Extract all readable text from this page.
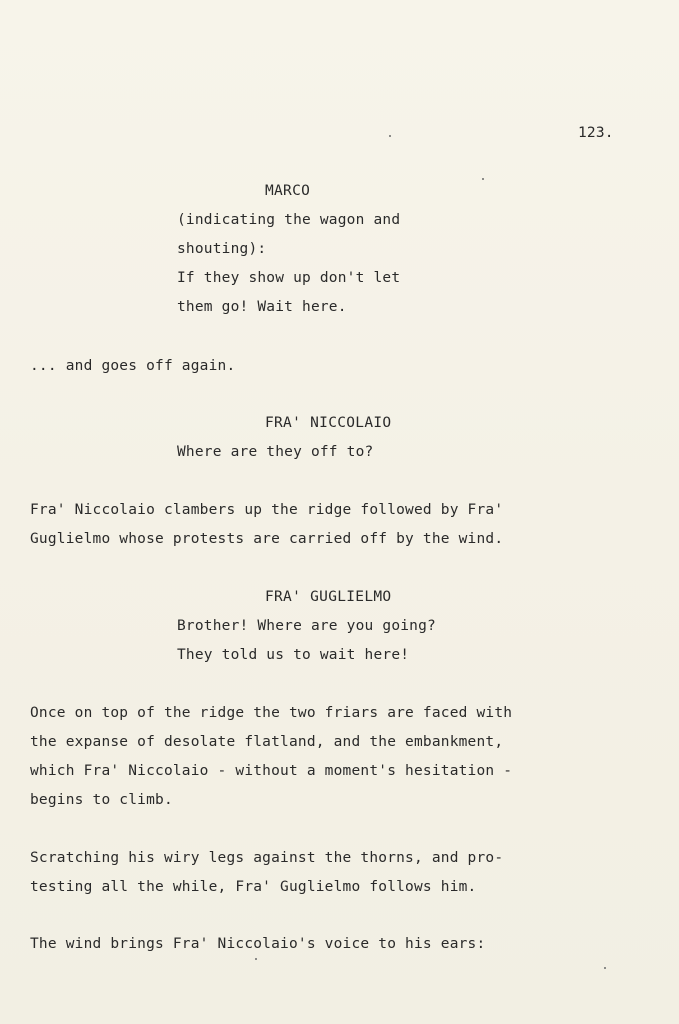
123.
MARCO
(indicating the wagon and
shouting):
If they show up don't let
them go! Wait here.
... and goes off again.
FRA' NICCOLAIO
Where are they off to?
Fra' Niccolaio clambers up the ridge followed by Fra'
Guglielmo whose protests are carried off by the wind.
FRA' GUGLIELMO
Brother! Where are you going?
They told us to wait here!
Once on top of the ridge the two friars are faced with
the expanse of desolate flatland, and the embankment,
which Fra' Niccolaio - without a moment's hesitation -
begins to climb.
Scratching his wiry legs against the thorns, and pro-
testing all the while, Fra' Guglielmo follows him.
The wind brings Fra' Niccolaio's voice to his ears:
